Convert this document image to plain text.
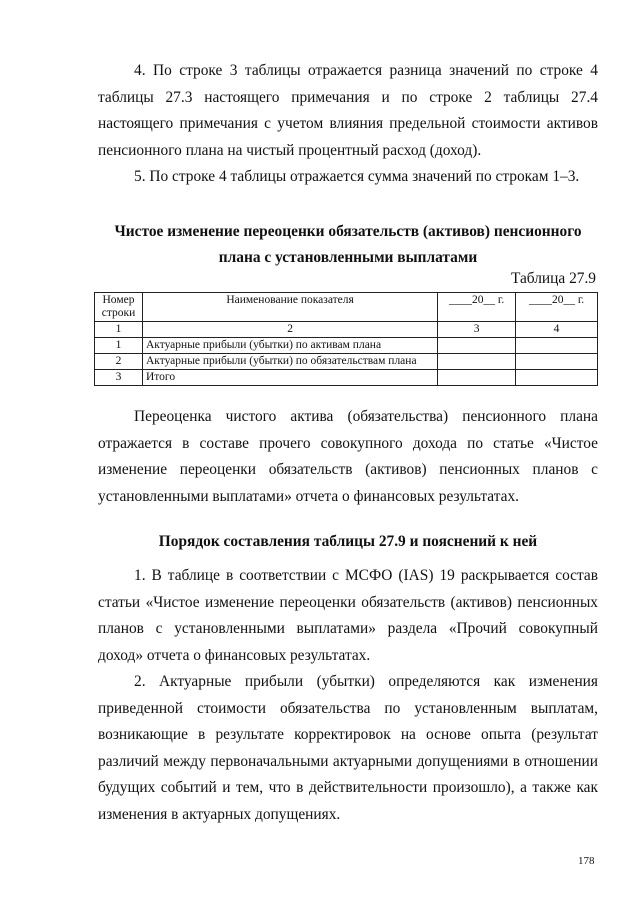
4. По строке 3 таблицы отражается разница значений по строке 4 таблицы 27.3 настоящего примечания и по строке 2 таблицы 27.4 настоящего примечания с учетом влияния предельной стоимости активов пенсионного плана на чистый процентный расход (доход).

5. По строке 4 таблицы отражается сумма значений по строкам 1–3.

Чистое изменение переоценки обязательств (активов) пенсионного

плана с установленными выплатами

Таблица 27.9
Номер строки	Наименование показателя	____20__ г.	____20__ г.
1	2	3	4
1	Актуарные прибыли (убытки) по активам плана		
2	Актуарные прибыли (убытки) по обязательствам плана		
3	Итого		

Переоценка чистого актива (обязательства) пенсионного плана отражается в составе прочего совокупного дохода по статье «Чистое изменение переоценки обязательств (активов) пенсионных планов с установленными выплатами» отчета о финансовых результатах.

Порядок составления таблицы 27.9 и пояснений к ней

1. В таблице в соответствии с МСФО (IAS) 19 раскрывается состав статьи «Чистое изменение переоценки обязательств (активов) пенсионных планов с установленными выплатами» раздела «Прочий совокупный доход» отчета о финансовых результатах.

2. Актуарные прибыли (убытки) определяются как изменения приведенной стоимости обязательства по установленным выплатам, возникающие в результате корректировок на основе опыта (результат различий между первоначальными актуарными допущениями в отношении будущих событий и тем, что в действительности произошло), а также как изменения в актуарных допущениях.

178
